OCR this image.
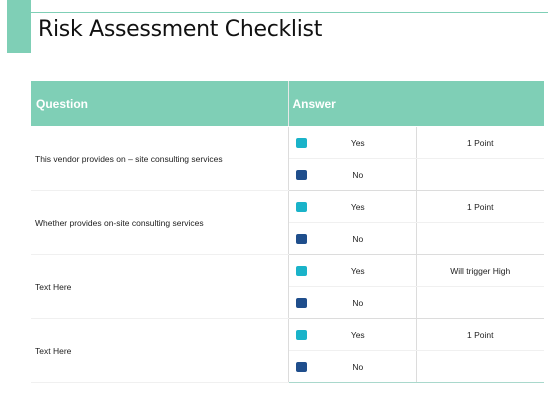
Risk Assessment Checklist
Question	Answer		
This vendor provides on – site consulting services		Yes	1 Point
		No	
Whether provides on-site consulting services		Yes	1 Point
		No	
Text Here		Yes	Will trigger High
		No	
Text Here		Yes	1 Point
		No	
